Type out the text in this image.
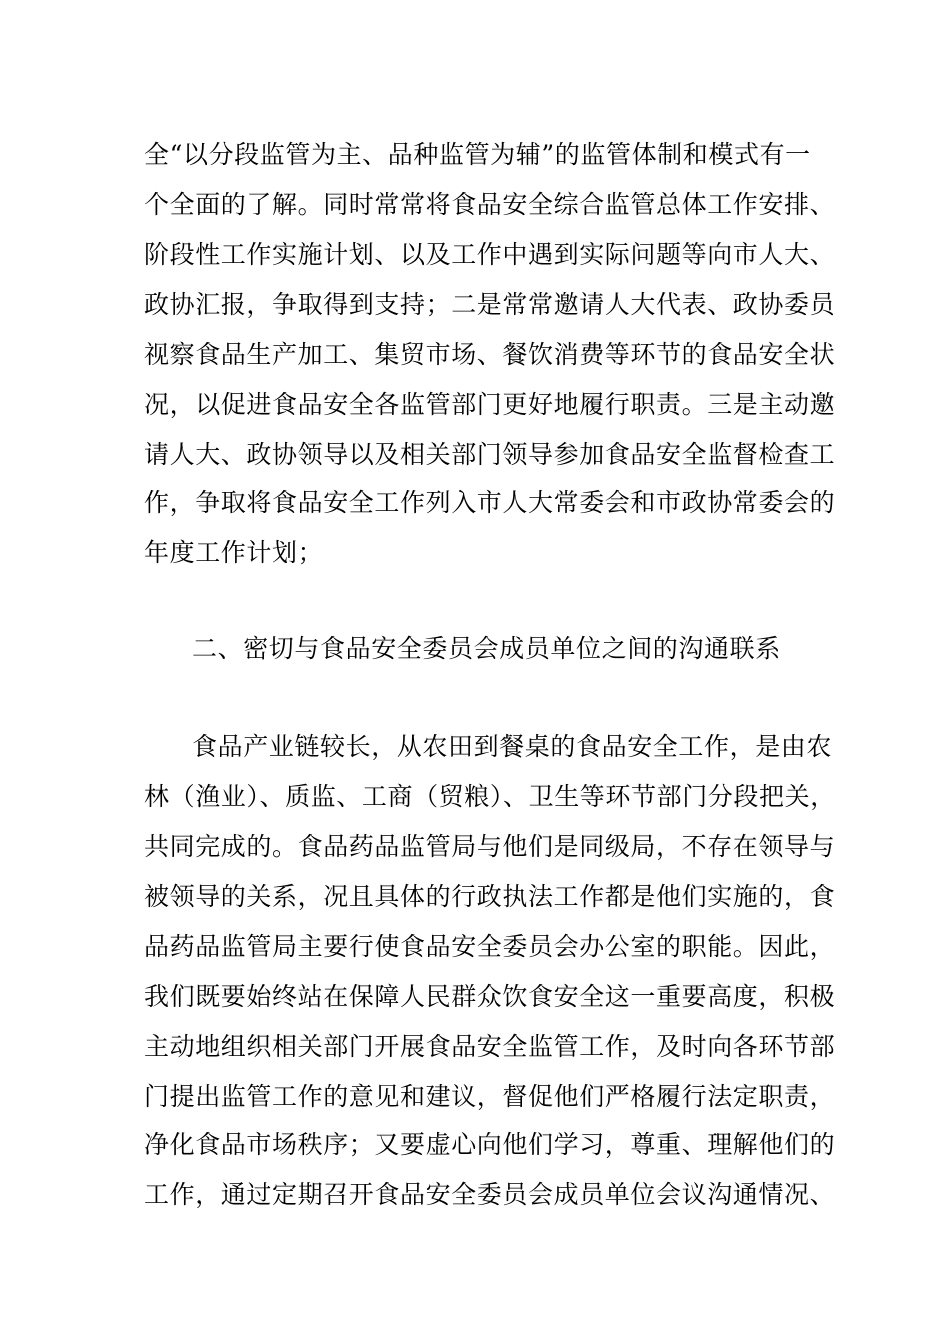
全“以分段监管为主、品种监管为辅”的监管体制和模式有一
个全面的了解。同时常常将食品安全综合监管总体工作安排、
阶段性工作实施计划、以及工作中遇到实际问题等向市人大、
政协汇报，争取得到支持；二是常常邀请人大代表、政协委员
视察食品生产加工、集贸市场、餐饮消费等环节的食品安全状
况，以促进食品安全各监管部门更好地履行职责。三是主动邀
请人大、政协领导以及相关部门领导参加食品安全监督检查工
作，争取将食品安全工作列入市人大常委会和市政协常委会的
年度工作计划；
二、密切与食品安全委员会成员单位之间的沟通联系
食品产业链较长，从农田到餐桌的食品安全工作，是由农
林（渔业）、质监、工商（贸粮）、卫生等环节部门分段把关，
共同完成的。食品药品监管局与他们是同级局，不存在领导与
被领导的关系，况且具体的行政执法工作都是他们实施的，食
品药品监管局主要行使食品安全委员会办公室的职能。因此，
我们既要始终站在保障人民群众饮食安全这一重要高度，积极
主动地组织相关部门开展食品安全监管工作，及时向各环节部
门提出监管工作的意见和建议，督促他们严格履行法定职责，
净化食品市场秩序；又要虚心向他们学习，尊重、理解他们的
工作，通过定期召开食品安全委员会成员单位会议沟通情况、
